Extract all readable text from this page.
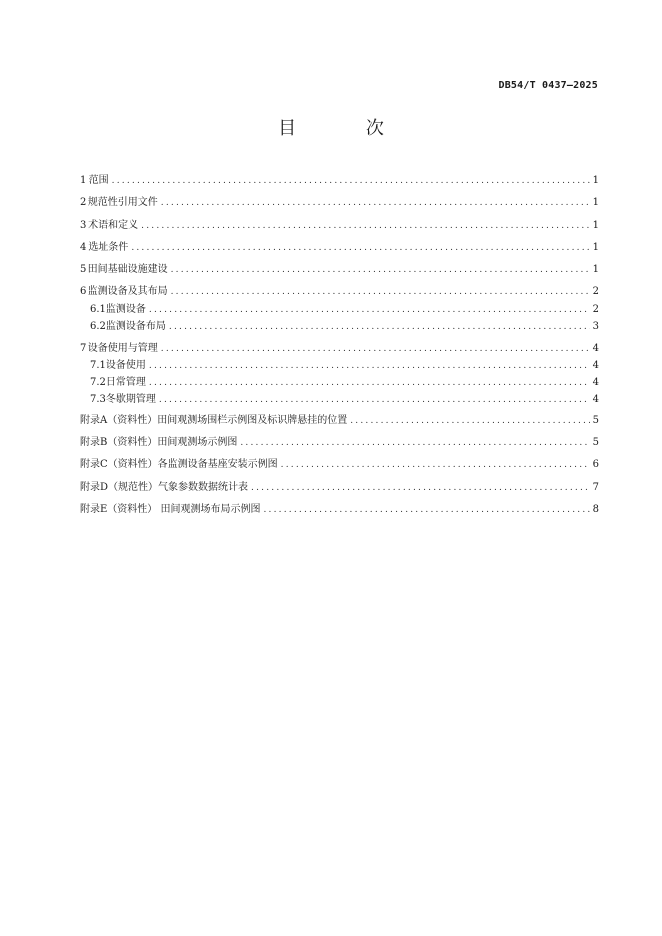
DB54/T 0437—2025
目 次
1 范围 .....	1
2 规范性引用文件 .....	1
3 术语和定义 .....	1
4 选址条件 .....	1
5 田间基础设施建设 .....	1
6 监测设备及其布局 .....	2
6.1 监测设备 .....	2
6.2 监测设备布局 .....	3
7 设备使用与管理 .....	4
7.1 设备使用 .....	4
7.2 日常管理 .....	4
7.3 冬歇期管理 .....	4
附录A（资料性）田间观测场围栏示例图及标识牌悬挂的位置 .....	5
附录B（资料性）田间观测场示例图 .....	5
附录C（资料性）各监测设备基座安装示例图 .....	6
附录D（规范性）气象参数数据统计表 .....	7
附录E（资料性） 田间观测场布局示例图 .....	8
